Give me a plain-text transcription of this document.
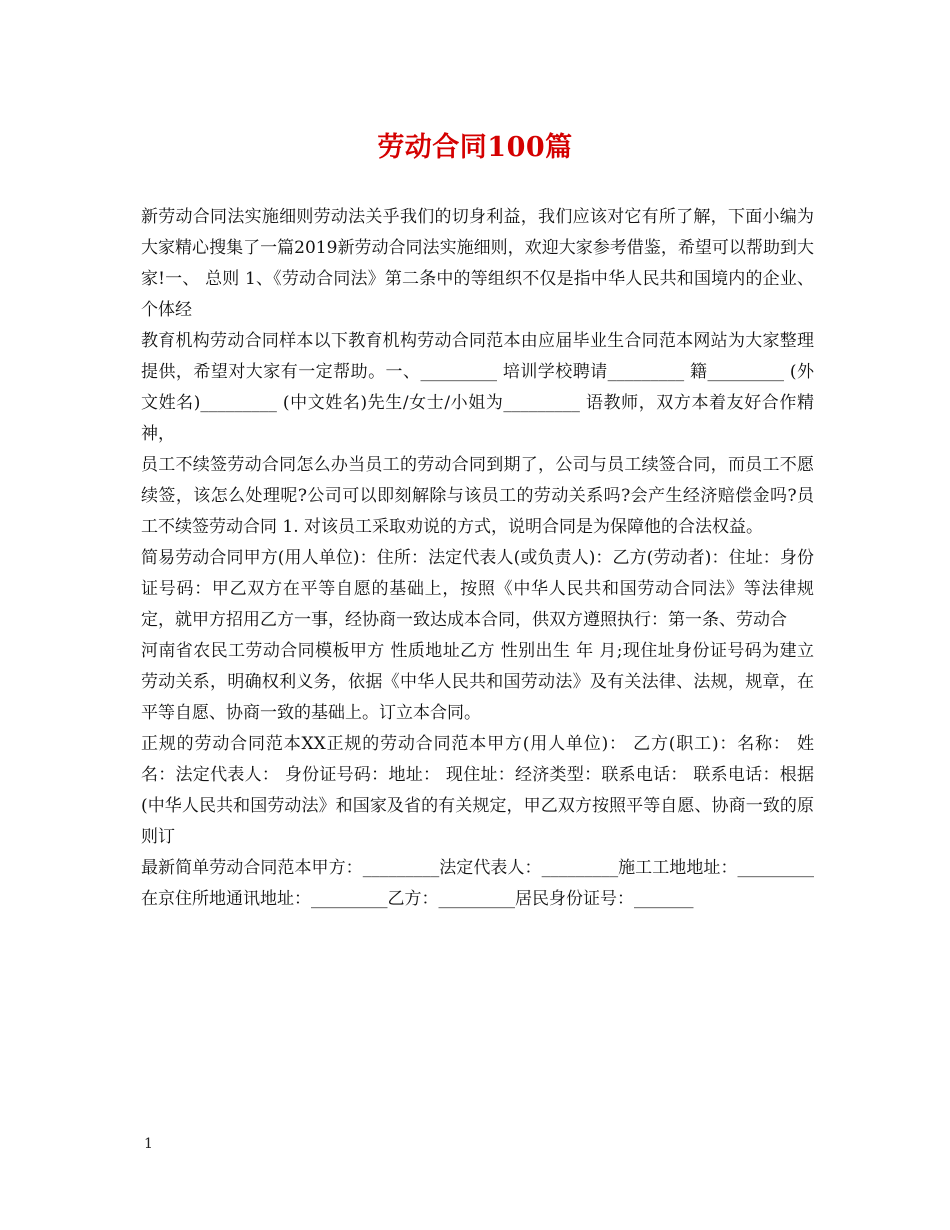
劳动合同100篇

新劳动合同法实施细则劳动法关乎我们的切身利益，我们应该对它有所了解，下面小编为大家精心搜集了一篇2019新劳动合同法实施细则，欢迎大家参考借鉴，希望可以帮助到大家!一、 总则 1、《劳动合同法》第二条中的等组织不仅是指中华人民共和国境内的企业、个体经

教育机构劳动合同样本以下教育机构劳动合同范本由应届毕业生合同范本网站为大家整理提供，希望对大家有一定帮助。一、_________ 培训学校聘请_________ 籍_________ (外文姓名)_________ (中文姓名)先生/女士/小姐为_________ 语教师，双方本着友好合作精神，

员工不续签劳动合同怎么办当员工的劳动合同到期了，公司与员工续签合同，而员工不愿续签，该怎么处理呢?公司可以即刻解除与该员工的劳动关系吗?会产生经济赔偿金吗?员工不续签劳动合同 1. 对该员工采取劝说的方式，说明合同是为保障他的合法权益。

简易劳动合同甲方(用人单位)：住所：法定代表人(或负责人)：乙方(劳动者)：住址：身份证号码：甲乙双方在平等自愿的基础上，按照《中华人民共和国劳动合同法》等法律规定，就甲方招用乙方一事，经协商一致达成本合同，供双方遵照执行：第一条、劳动合

河南省农民工劳动合同模板甲方 性质地址乙方 性别出生 年 月;现住址身份证号码为建立劳动关系，明确权利义务，依据《中华人民共和国劳动法》及有关法律、法规，规章，在平等自愿、协商一致的基础上。订立本合同。

正规的劳动合同范本XX正规的劳动合同范本甲方(用人单位)： 乙方(职工)：名称： 姓名：法定代表人： 身份证号码：地址： 现住址：经济类型：联系电话： 联系电话：根据(中华人民共和国劳动法》和国家及省的有关规定，甲乙双方按照平等自愿、协商一致的原则订

最新简单劳动合同范本甲方：_________法定代表人：_________施工工地地址：_________在京住所地通讯地址：_________乙方：_________居民身份证号：_______

1
